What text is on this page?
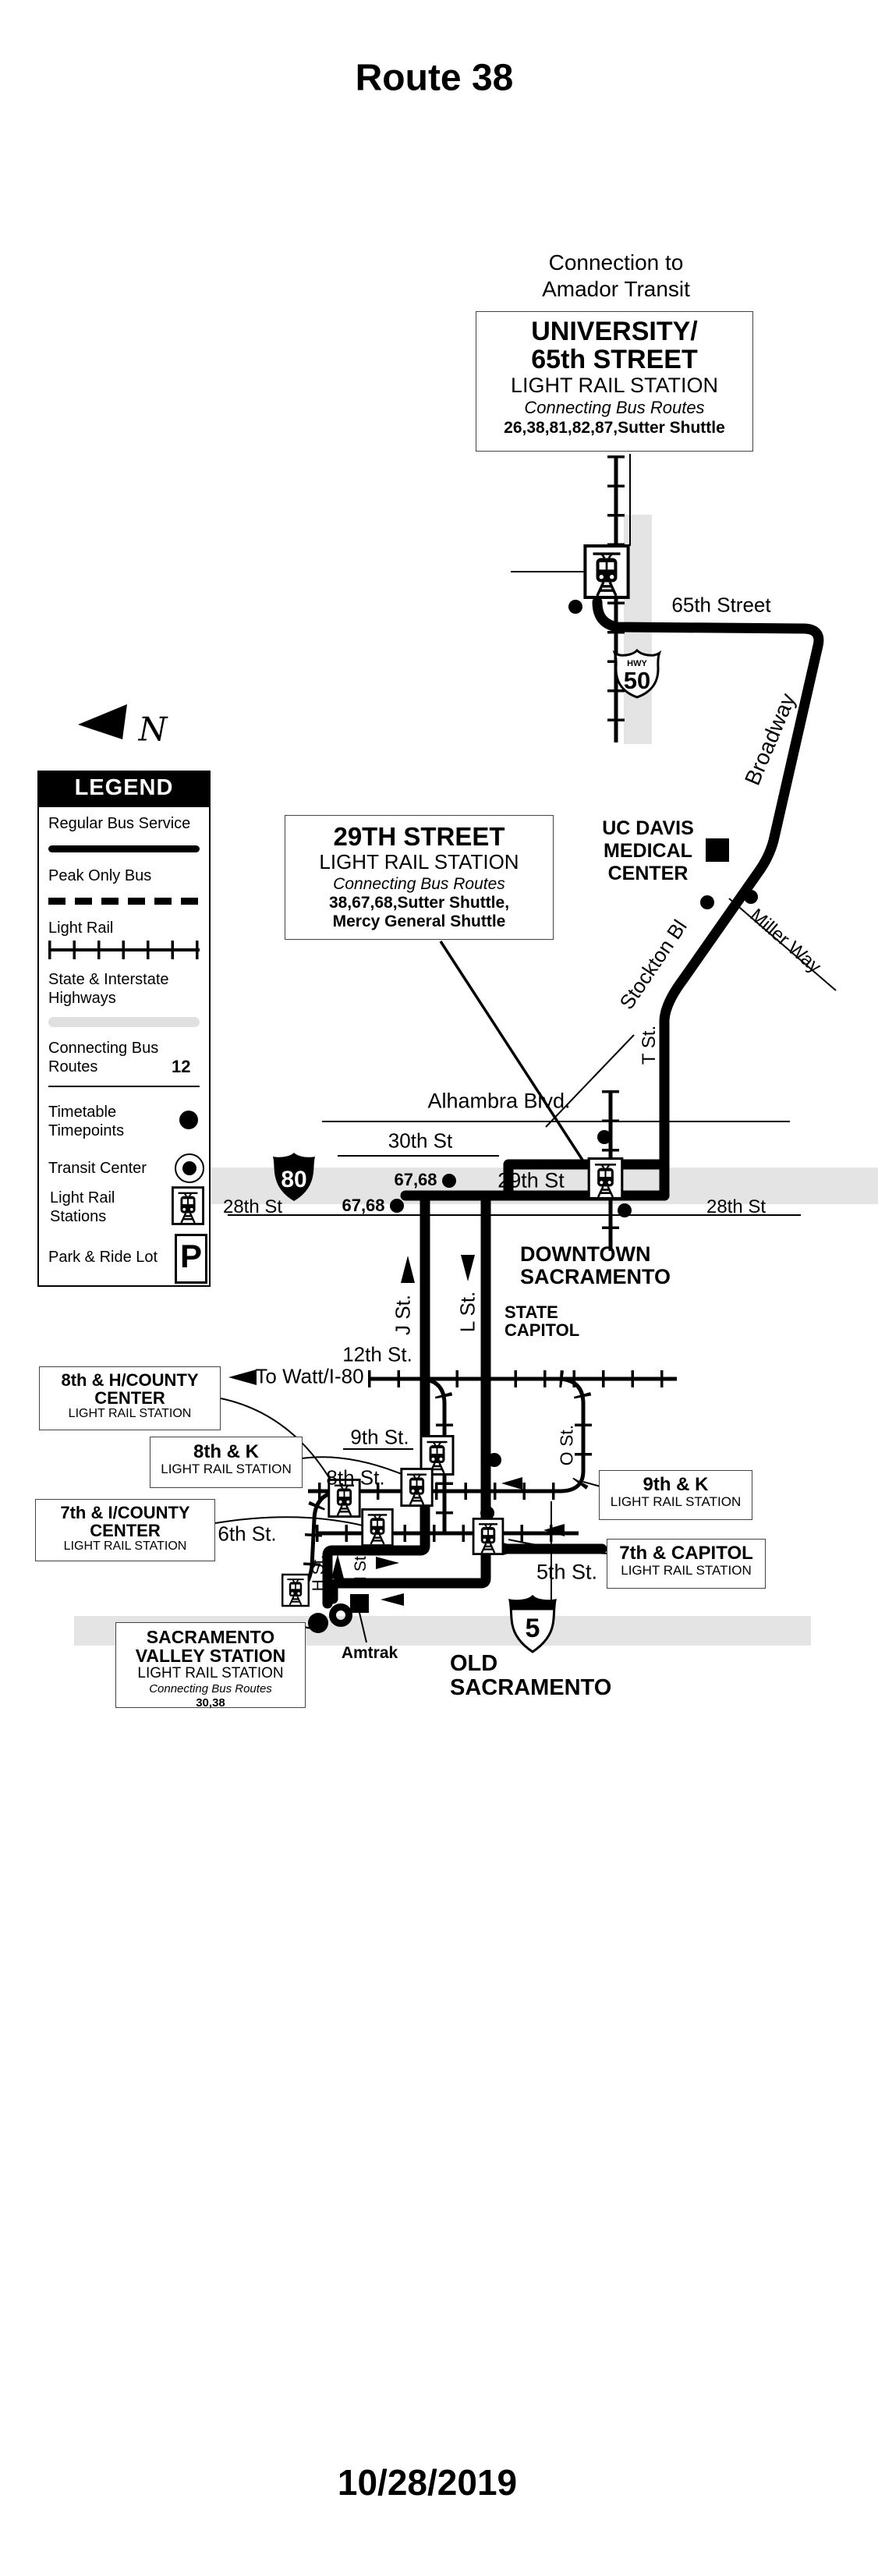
HWY
50
80
5
Route 38
Connection to
Amador Transit
N
65th Street
Broadway
Miller Way
Stockton Bl
T St.
Alhambra Blvd.
30th St
67,68	29th St
67,68
28th St	28th St
J St. L St.
12th St.
To Watt/I-80
O St.
9th St.
8th St.
6th St.
H St. I St	5th St.
Amtrak
UC DAVIS
MEDICAL
CENTER
DOWNTOWN
SACRAMENTO
STATE
CAPITOL
OLD
SACRAMENTO
UNIVERSITY/
65th STREET
LIGHT RAIL STATION
Connecting Bus Routes
26,38,81,82,87,Sutter Shuttle
29TH STREET
LIGHT RAIL STATION
Connecting Bus Routes
38,67,68,Sutter Shuttle,
Mercy General Shuttle
8th & H/COUNTY
CENTER
LIGHT RAIL STATION
8th & K
LIGHT RAIL STATION
7th & I/COUNTY
CENTER
LIGHT RAIL STATION
9th & K
LIGHT RAIL STATION
7th & CAPITOL
LIGHT RAIL STATION
SACRAMENTO
VALLEY STATION
LIGHT RAIL STATION
Connecting Bus Routes
30,38
LEGEND
Regular Bus Service
Peak Only Bus
Light Rail
State & Interstate
Highways
Connecting Bus
Routes	12
Timetable
Timepoints
Transit Center
Light Rail
Stations
Park & Ride Lot P
10/28/2019
